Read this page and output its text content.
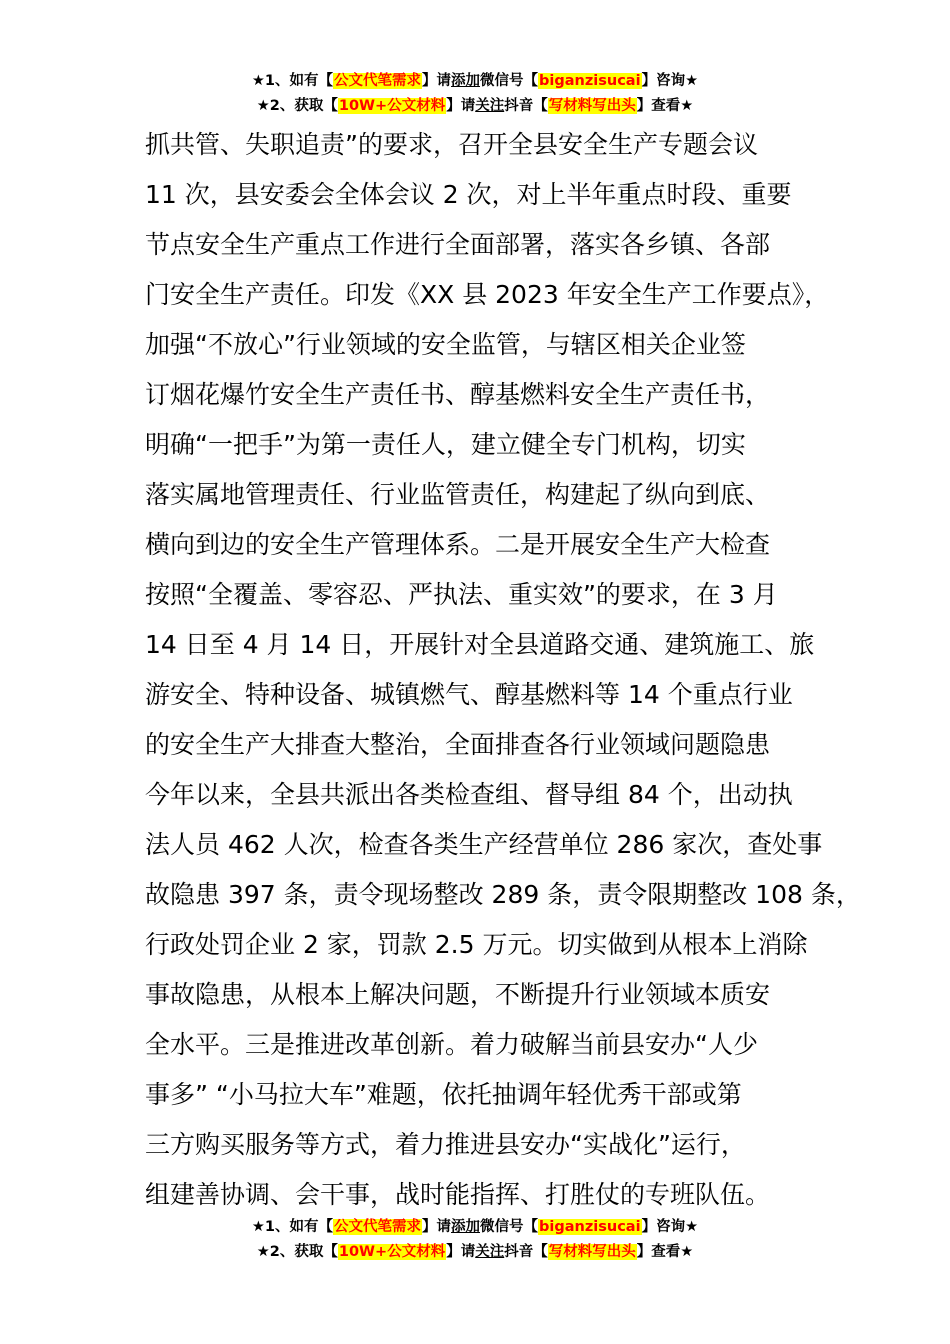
★1、如有【公文代笔需求】请添加微信号【biganzisucai】咨询★
★2、获取【10W+公文材料】请关注抖音【写材料写出头】查看★
抓共管、失职追责”的要求，召开全县安全生产专题会议
11 次，县安委会全体会议 2 次，对上半年重点时段、重要
节点安全生产重点工作进行全面部署，落实各乡镇、各部
门安全生产责任。印发《XX 县 2023 年安全生产工作要点》，
加强“不放心”行业领域的安全监管，与辖区相关企业签
订烟花爆竹安全生产责任书、醇基燃料安全生产责任书，
明确“一把手”为第一责任人，建立健全专门机构，切实
落实属地管理责任、行业监管责任，构建起了纵向到底、
横向到边的安全生产管理体系。二是开展安全生产大检查
按照“全覆盖、零容忍、严执法、重实效”的要求，在 3 月
14 日至 4 月 14 日，开展针对全县道路交通、建筑施工、旅
游安全、特种设备、城镇燃气、醇基燃料等 14 个重点行业
的安全生产大排查大整治，全面排查各行业领域问题隐患
今年以来，全县共派出各类检查组、督导组 84 个，出动执
法人员 462 人次，检查各类生产经营单位 286 家次，查处事
故隐患 397 条，责令现场整改 289 条，责令限期整改 108 条，
行政处罚企业 2 家，罚款 2.5 万元。切实做到从根本上消除
事故隐患，从根本上解决问题，不断提升行业领域本质安
全水平。三是推进改革创新。着力破解当前县安办“人少
事多” “小马拉大车”难题，依托抽调年轻优秀干部或第
三方购买服务等方式，着力推进县安办“实战化”运行，
组建善协调、会干事，战时能指挥、打胜仗的专班队伍。
★1、如有【公文代笔需求】请添加微信号【biganzisucai】咨询★
★2、获取【10W+公文材料】请关注抖音【写材料写出头】查看★
